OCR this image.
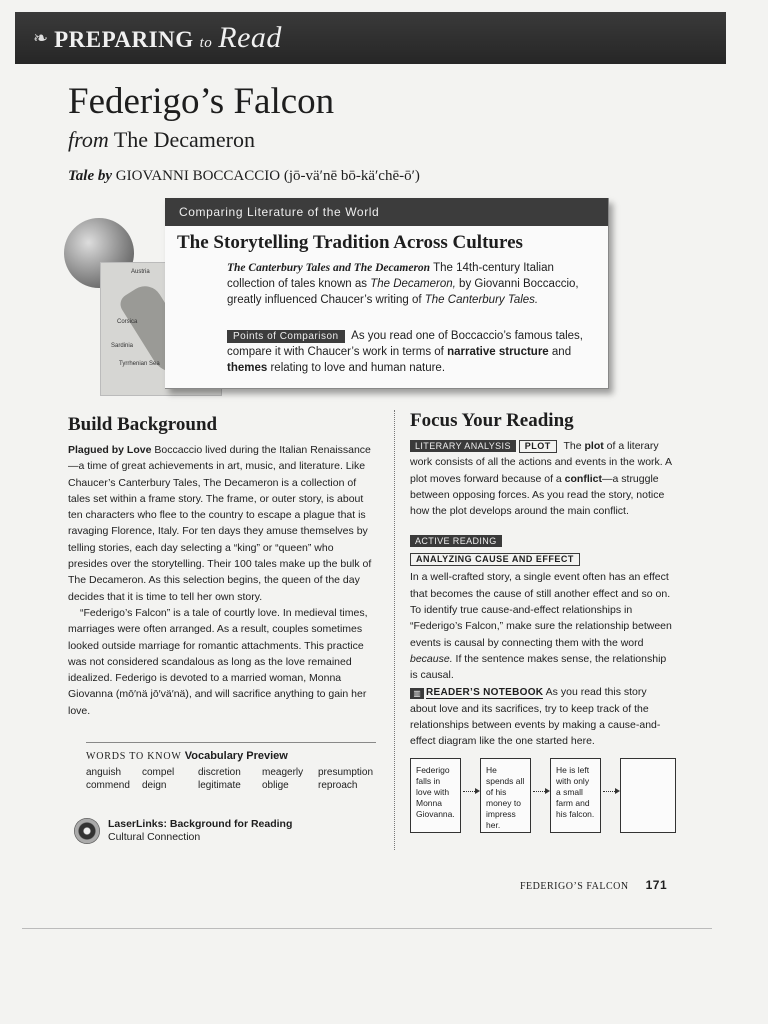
❧ PREPARING to Read
Federigo’s Falcon
from The Decameron
Tale by GIOVANNI BOCCACCIO (jō-vä′nē bō-kä′chē-ō′)
Austria
Corsica
Sardinia
Tyrrhenian Sea
Comparing Literature of the World
The Storytelling Tradition Across Cultures
The Canterbury Tales and The Decameron The 14th-century Italian collection of tales known as The Decameron, by Giovanni Boccaccio, greatly influenced Chaucer’s writing of The Canterbury Tales.
Points of Comparison As you read one of Boccaccio’s famous tales, compare it with Chaucer’s work in terms of narrative structure and themes relating to love and human nature.
Build Background

Plagued by Love Boccaccio lived during the Italian Renaissance—a time of great achievements in art, music, and literature. Like Chaucer’s Canterbury Tales, The Decameron is a collection of tales set within a frame story. The frame, or outer story, is about ten characters who flee to the country to escape a plague that is ravaging Florence, Italy. For ten days they amuse themselves by telling stories, each day selecting a “king” or “queen” who presides over the storytelling. Their 100 tales make up the bulk of The Decameron. As this selection begins, the queen of the day decides that it is time to tell her own story.

“Federigo’s Falcon” is a tale of courtly love. In medieval times, marriages were often arranged. As a result, couples sometimes looked outside marriage for romantic attachments. This practice was not considered scandalous as long as the love remained idealized. Federigo is devoted to a married woman, Monna Giovanna (mō′nä jō′vä′nä), and will sacrifice anything to gain her love.

WORDS TO KNOW Vocabulary Preview
anguish	compel	discretion	meagerly	presumption
commend	deign	legitimate	oblige	reproach
LaserLinks: Background for Reading
Cultural Connection
Focus Your Reading

LITERARY ANALYSIS PLOT The plot of a literary work consists of all the actions and events in the work. A plot moves forward because of a conflict—a struggle between opposing forces. As you read the story, notice how the plot develops around the main conflict.

ACTIVE READING ANALYZING CAUSE AND EFFECT

In a well-crafted story, a single event often has an effect that becomes the cause of still another effect and so on. To identify true cause-and-effect relationships in “Federigo’s Falcon,” make sure the relationship between events is causal by connecting them with the word because. If the sentence makes sense, the relationship is causal.

▥ READER’S NOTEBOOK As you read this story about love and its sacrifices, try to keep track of the relationships between events by making a cause-and-effect diagram like the one started here.

Federigo falls in love with Monna Giovanna.
He spends all of his money to impress her.
He is left with only a small farm and his falcon.
FEDERIGO’S FALCON 171
